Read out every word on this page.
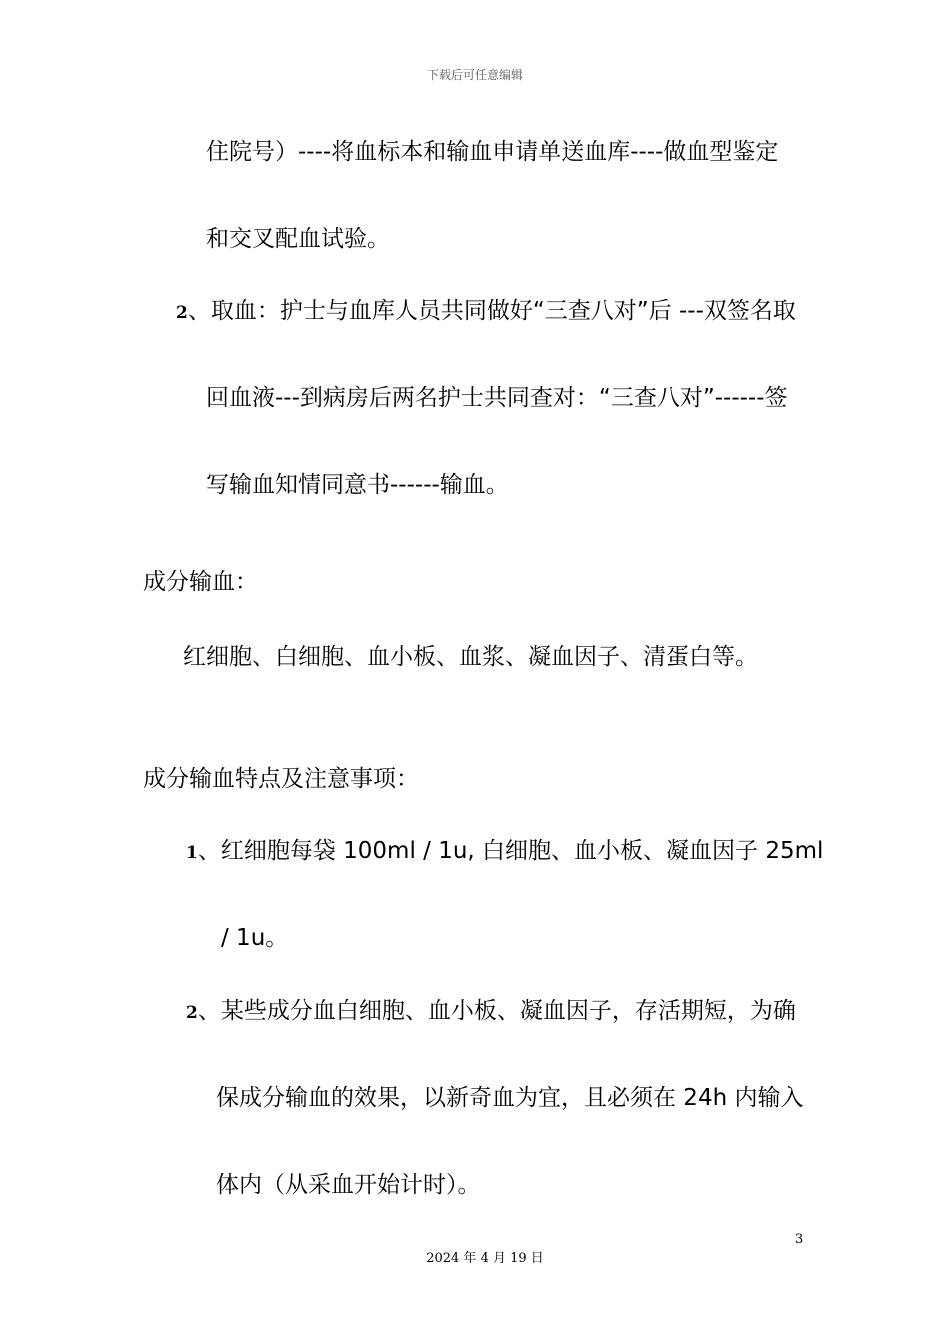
下载后可任意编辑
住院号）----将血标本和输血申请单送血库----做血型鉴定
和交叉配血试验。
2、取血：护士与血库人员共同做好“三查八对”后 ---双签名取
回血液---到病房后两名护士共同查对：“三查八对”------签
写输血知情同意书------输血。
成分输血：
红细胞、白细胞、血小板、血浆、凝血因子、清蛋白等。
成分输血特点及注意事项：
1、红细胞每袋 100ml / 1u, 白细胞、血小板、凝血因子 25ml
/ 1u。
2、某些成分血白细胞、血小板、凝血因子，存活期短，为确
保成分输血的效果，以新奇血为宜，且必须在 24h 内输入
体内（从采血开始计时）。
3
2024 年 4 月 19 日
